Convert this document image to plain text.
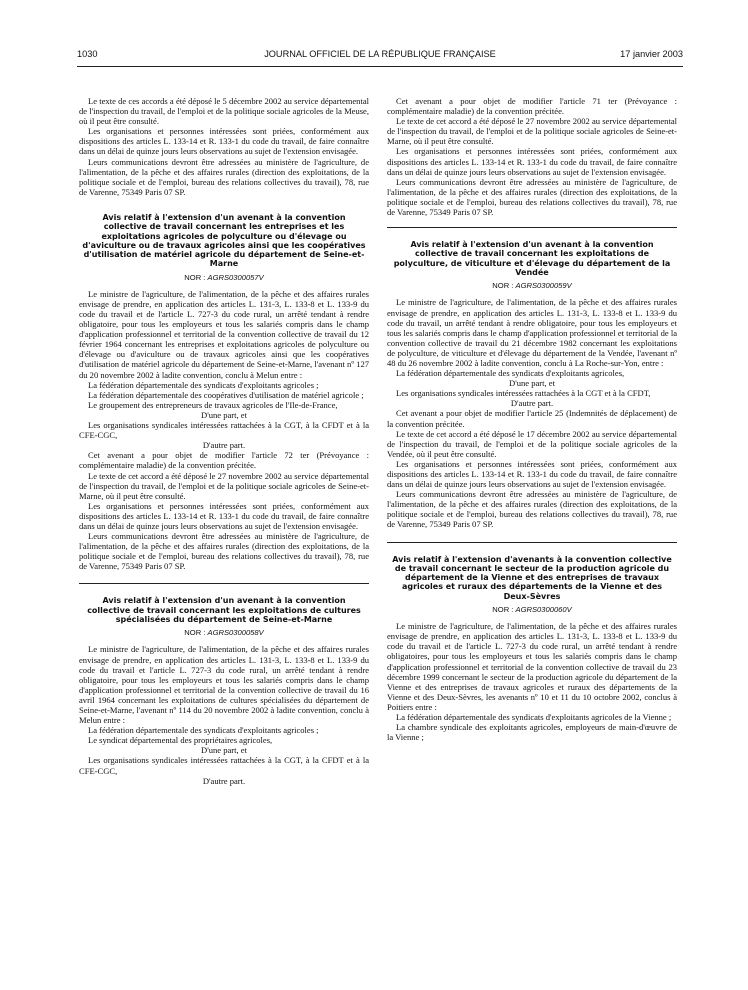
1030	JOURNAL OFFICIEL DE LA RÉPUBLIQUE FRANÇAISE	17 janvier 2003

Le texte de ces accords a été déposé le 5 décembre 2002 au service départemental de l'inspection du travail, de l'emploi et de la politique sociale agricoles de la Meuse, où il peut être consulté.

Les organisations et personnes intéressées sont priées, conformément aux dispositions des articles L. 133-14 et R. 133-1 du code du travail, de faire connaître dans un délai de quinze jours leurs observations au sujet de l'extension envisagée.

Leurs communications devront être adressées au ministère de l'agriculture, de l'alimentation, de la pêche et des affaires rurales (direction des exploitations, de la politique sociale et de l'emploi, bureau des relations collectives du travail), 78, rue de Varenne, 75349 Paris 07 SP.

Avis relatif à l'extension d'un avenant à la convention collective de travail concernant les entreprises et les exploitations agricoles de polyculture ou d'élevage ou d'aviculture ou de travaux agricoles ainsi que les coopératives d'utilisation de matériel agricole du département de Seine-et-Marne

NOR : AGRS0300057V

Le ministre de l'agriculture, de l'alimentation, de la pêche et des affaires rurales envisage de prendre, en application des articles L. 131-3, L. 133-8 et L. 133-9 du code du travail et de l'article L. 727-3 du code rural, un arrêté tendant à rendre obligatoire, pour tous les employeurs et tous les salariés compris dans le champ d'application professionnel et territorial de la convention collective de travail du 12 février 1964 concernant les entreprises et exploitations agricoles de polyculture ou d'élevage ou d'aviculture ou de travaux agricoles ainsi que les coopératives d'utilisation de matériel agricole du département de Seine-et-Marne, l'avenant nº 127 du 20 novembre 2002 à ladite convention, conclu à Melun entre :

La fédération départementale des syndicats d'exploitants agricoles ;

La fédération départementale des coopératives d'utilisation de matériel agricole ;

Le groupement des entrepreneurs de travaux agricoles de l'Ile-de-France,

D'une part, et

Les organisations syndicales intéressées rattachées à la CGT, à la CFDT et à la CFE-CGC,

D'autre part.

Cet avenant a pour objet de modifier l'article 72 ter (Prévoyance : complémentaire maladie) de la convention précitée.

Le texte de cet accord a été déposé le 27 novembre 2002 au service départemental de l'inspection du travail, de l'emploi et de la politique sociale agricoles de Seine-et-Marne, où il peut être consulté.

Les organisations et personnes intéressées sont priées, conformément aux dispositions des articles L. 133-14 et R. 133-1 du code du travail, de faire connaître dans un délai de quinze jours leurs observations au sujet de l'extension envisagée.

Leurs communications devront être adressées au ministère de l'agriculture, de l'alimentation, de la pêche et des affaires rurales (direction des exploitations, de la politique sociale et de l'emploi, bureau des relations collectives du travail), 78, rue de Varenne, 75349 Paris 07 SP.

Avis relatif à l'extension d'un avenant à la convention collective de travail concernant les exploitations de cultures spécialisées du département de Seine-et-Marne

NOR : AGRS0300058V

Le ministre de l'agriculture, de l'alimentation, de la pêche et des affaires rurales envisage de prendre, en application des articles L. 131-3, L. 133-8 et L. 133-9 du code du travail et l'article L. 727-3 du code rural, un arrêté tendant à rendre obligatoire, pour tous les employeurs et tous les salariés compris dans le champ d'application professionnel et territorial de la convention collective de travail du 16 avril 1964 concernant les exploitations de cultures spécialisées du département de Seine-et-Marne, l'avenant nº 114 du 20 novembre 2002 à ladite convention, conclu à Melun entre :

La fédération départementale des syndicats d'exploitants agricoles ;

Le syndicat départemental des propriétaires agricoles,

D'une part, et

Les organisations syndicales intéressées rattachées à la CGT, à la CFDT et à la CFE-CGC,

D'autre part.

Cet avenant a pour objet de modifier l'article 71 ter (Prévoyance : complémentaire maladie) de la convention précitée.

Le texte de cet accord a été déposé le 27 novembre 2002 au service départemental de l'inspection du travail, de l'emploi et de la politique sociale agricoles de Seine-et-Marne, où il peut être consulté.

Les organisations et personnes intéressées sont priées, conformément aux dispositions des articles L. 133-14 et R. 133-1 du code du travail, de faire connaître dans un délai de quinze jours leurs observations au sujet de l'extension envisagée.

Leurs communications devront être adressées au ministère de l'agriculture, de l'alimentation, de la pêche et des affaires rurales (direction des exploitations, de la politique sociale et de l'emploi, bureau des relations collectives du travail), 78, rue de Varenne, 75349 Paris 07 SP.

Avis relatif à l'extension d'un avenant à la convention collective de travail concernant les exploitations de polyculture, de viticulture et d'élevage du département de la Vendée

NOR : AGRS0300059V

Le ministre de l'agriculture, de l'alimentation, de la pêche et des affaires rurales envisage de prendre, en application des articles L. 131-3, L. 133-8 et L. 133-9 du code du travail, un arrêté tendant à rendre obligatoire, pour tous les employeurs et tous les salariés compris dans le champ d'application professionnel et territorial de la convention collective de travail du 21 décembre 1982 concernant les exploitations de polyculture, de viticulture et d'élevage du département de la Vendée, l'avenant nº 48 du 26 novembre 2002 à ladite convention, conclu à La Roche-sur-Yon, entre :

La fédération départementale des syndicats d'exploitants agricoles,

D'une part, et

Les organisations syndicales intéressées rattachées à la CGT et à la CFDT,

D'autre part.

Cet avenant a pour objet de modifier l'article 25 (Indemnités de déplacement) de la convention précitée.

Le texte de cet accord a été déposé le 17 décembre 2002 au service départemental de l'inspection du travail, de l'emploi et de la politique sociale agricoles de la Vendée, où il peut être consulté.

Les organisations et personnes intéressées sont priées, conformément aux dispositions des articles L. 133-14 et R. 133-1 du code du travail, de faire connaître dans un délai de quinze jours leurs observations au sujet de l'extension envisagée.

Leurs communications devront être adressées au ministère de l'agriculture, de l'alimentation, de la pêche et des affaires rurales (direction des exploitations, de la politique sociale et de l'emploi, bureau des relations collectives du travail), 78, rue de Varenne, 75349 Paris 07 SP.

Avis relatif à l'extension d'avenants à la convention collective de travail concernant le secteur de la production agricole du département de la Vienne et des entreprises de travaux agricoles et ruraux des départements de la Vienne et des Deux-Sèvres

NOR : AGRS0300060V

Le ministre de l'agriculture, de l'alimentation, de la pêche et des affaires rurales envisage de prendre, en application des articles L. 131-3, L. 133-8 et L. 133-9 du code du travail et de l'article L. 727-3 du code rural, un arrêté tendant à rendre obligatoires, pour tous les employeurs et tous les salariés compris dans le champ d'application professionnel et territorial de la convention collective de travail du 23 décembre 1999 concernant le secteur de la production agricole du département de la Vienne et des entreprises de travaux agricoles et ruraux des départements de la Vienne et des Deux-Sèvres, les avenants nº 10 et 11 du 10 octobre 2002, conclus à Poitiers entre :

La fédération départementale des syndicats d'exploitants agricoles de la Vienne ;

La chambre syndicale des exploitants agricoles, employeurs de main-d'œuvre de la Vienne ;
